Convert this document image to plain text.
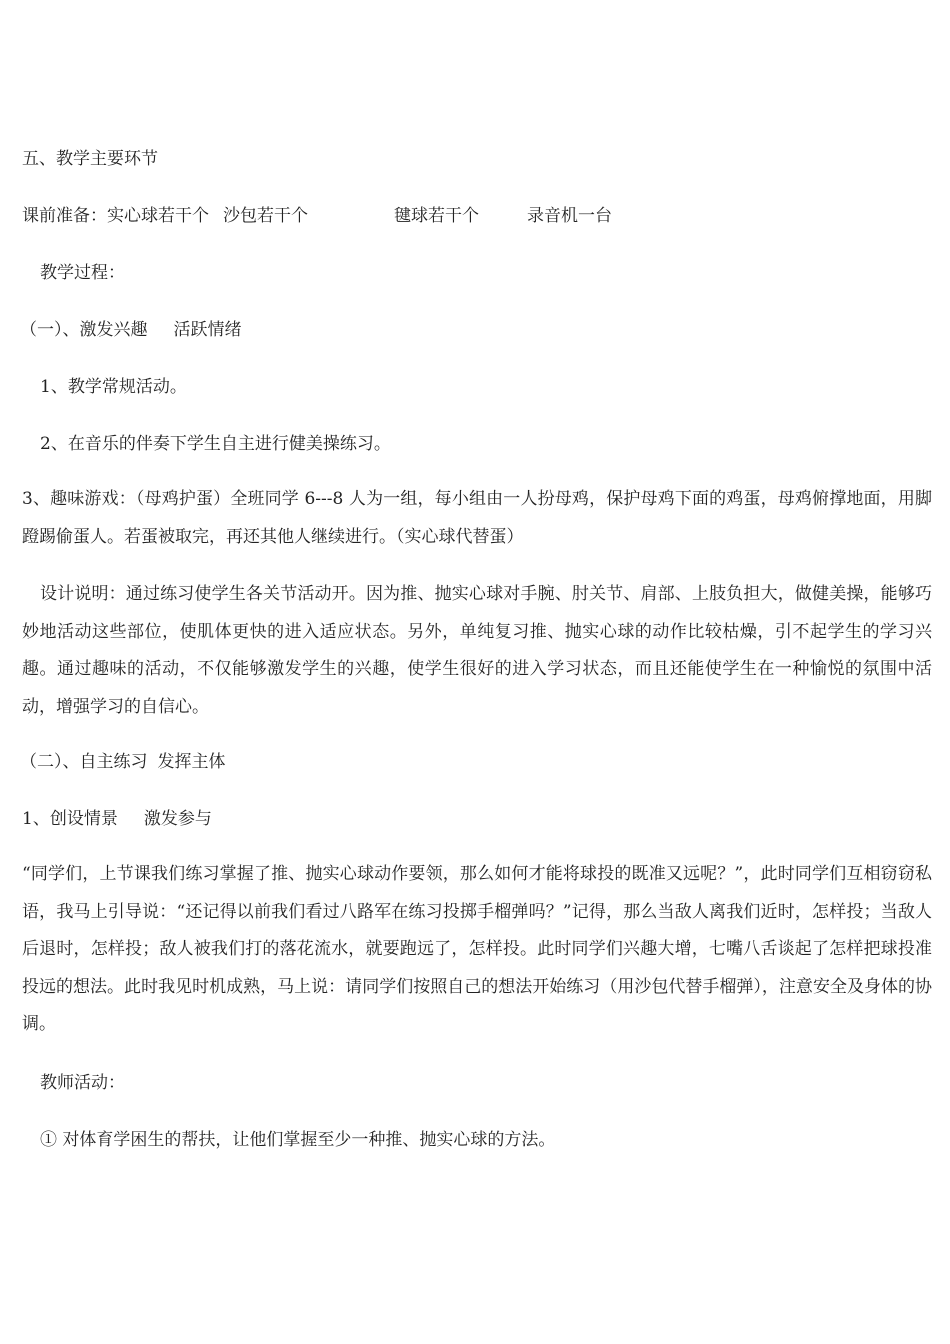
五、教学主要环节
课前准备：实心球若干个 沙包若干个	毽球若干个	录音机一台
教学过程：
（一）、激发兴趣 活跃情绪
1、教学常规活动。
2、在音乐的伴奏下学生自主进行健美操练习。
3、趣味游戏：（母鸡护蛋）全班同学 6---8 人为一组，每小组由一人扮母鸡，保护母鸡下面的鸡蛋，母鸡俯撑地面，用脚蹬踢偷蛋人。若蛋被取完，再还其他人继续进行。（实心球代替蛋）
设计说明：通过练习使学生各关节活动开。因为推、抛实心球对手腕、肘关节、肩部、上肢负担大，做健美操，能够巧妙地活动这些部位，使肌体更快的进入适应状态。另外，单纯复习推、抛实心球的动作比较枯燥，引不起学生的学习兴趣。通过趣味的活动，不仅能够激发学生的兴趣，使学生很好的进入学习状态，而且还能使学生在一种愉悦的氛围中活动，增强学习的自信心。
（二）、自主练习 发挥主体
1、创设情景 激发参与
“同学们，上节课我们练习掌握了推、抛实心球动作要领，那么如何才能将球投的既准又远呢？”，此时同学们互相窃窃私语，我马上引导说：“还记得以前我们看过八路军在练习投掷手榴弹吗？”记得，那么当敌人离我们近时，怎样投；当敌人后退时，怎样投；敌人被我们打的落花流水，就要跑远了，怎样投。此时同学们兴趣大增，七嘴八舌谈起了怎样把球投准投远的想法。此时我见时机成熟，马上说：请同学们按照自己的想法开始练习（用沙包代替手榴弹），注意安全及身体的协调。
教师活动：
① 对体育学困生的帮扶，让他们掌握至少一种推、抛实心球的方法。
